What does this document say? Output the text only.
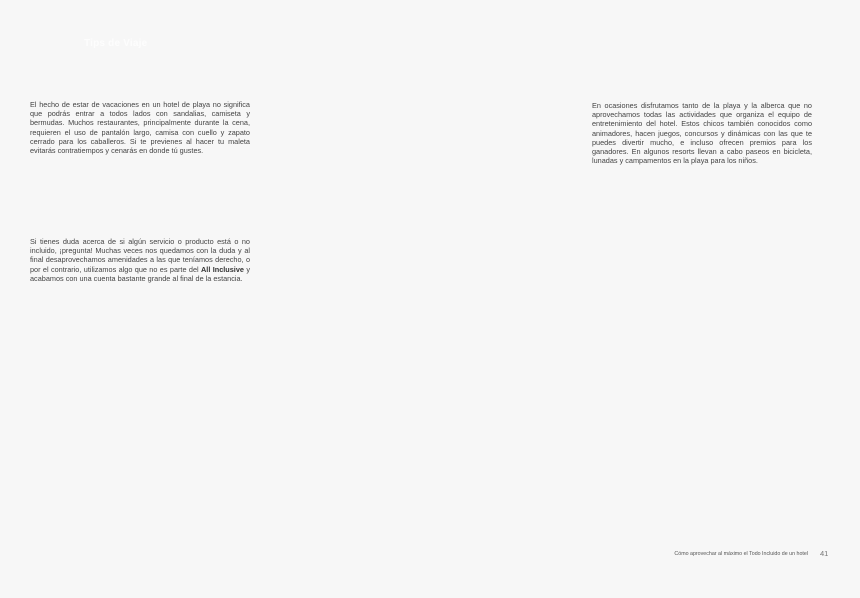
Tips de Viaje

El hecho de estar de vacaciones en un hotel de playa no significa que podrás entrar a todos lados con sandalias, camiseta y bermudas. Muchos restaurantes, principalmente durante la cena, requieren el uso de pantalón largo, camisa con cuello y zapato cerrado para los caballeros. Si te previenes al hacer tu maleta evitarás contratiempos y cenarás en donde tú gustes.

En ocasiones disfrutamos tanto de la playa y la alberca que no aprovechamos todas las actividades que organiza el equipo de entretenimiento del hotel. Estos chicos también conocidos como animadores, hacen juegos, concursos y dinámicas con las que te puedes divertir mucho, e incluso ofrecen premios para los ganadores. En algunos resorts llevan a cabo paseos en bicicleta, lunadas y campamentos en la playa para los niños.

Si tienes duda acerca de si algún servicio o producto está o no incluido, ¡pregunta! Muchas veces nos quedamos con la duda y al final desaprovechamos amenidades a las que teníamos derecho, o por el contrario, utilizamos algo que no es parte del All Inclusive y acabamos con una cuenta bastante grande al final de la estancia.

Cómo aprovechar al máximo el Todo Incluido de un hotel 41
